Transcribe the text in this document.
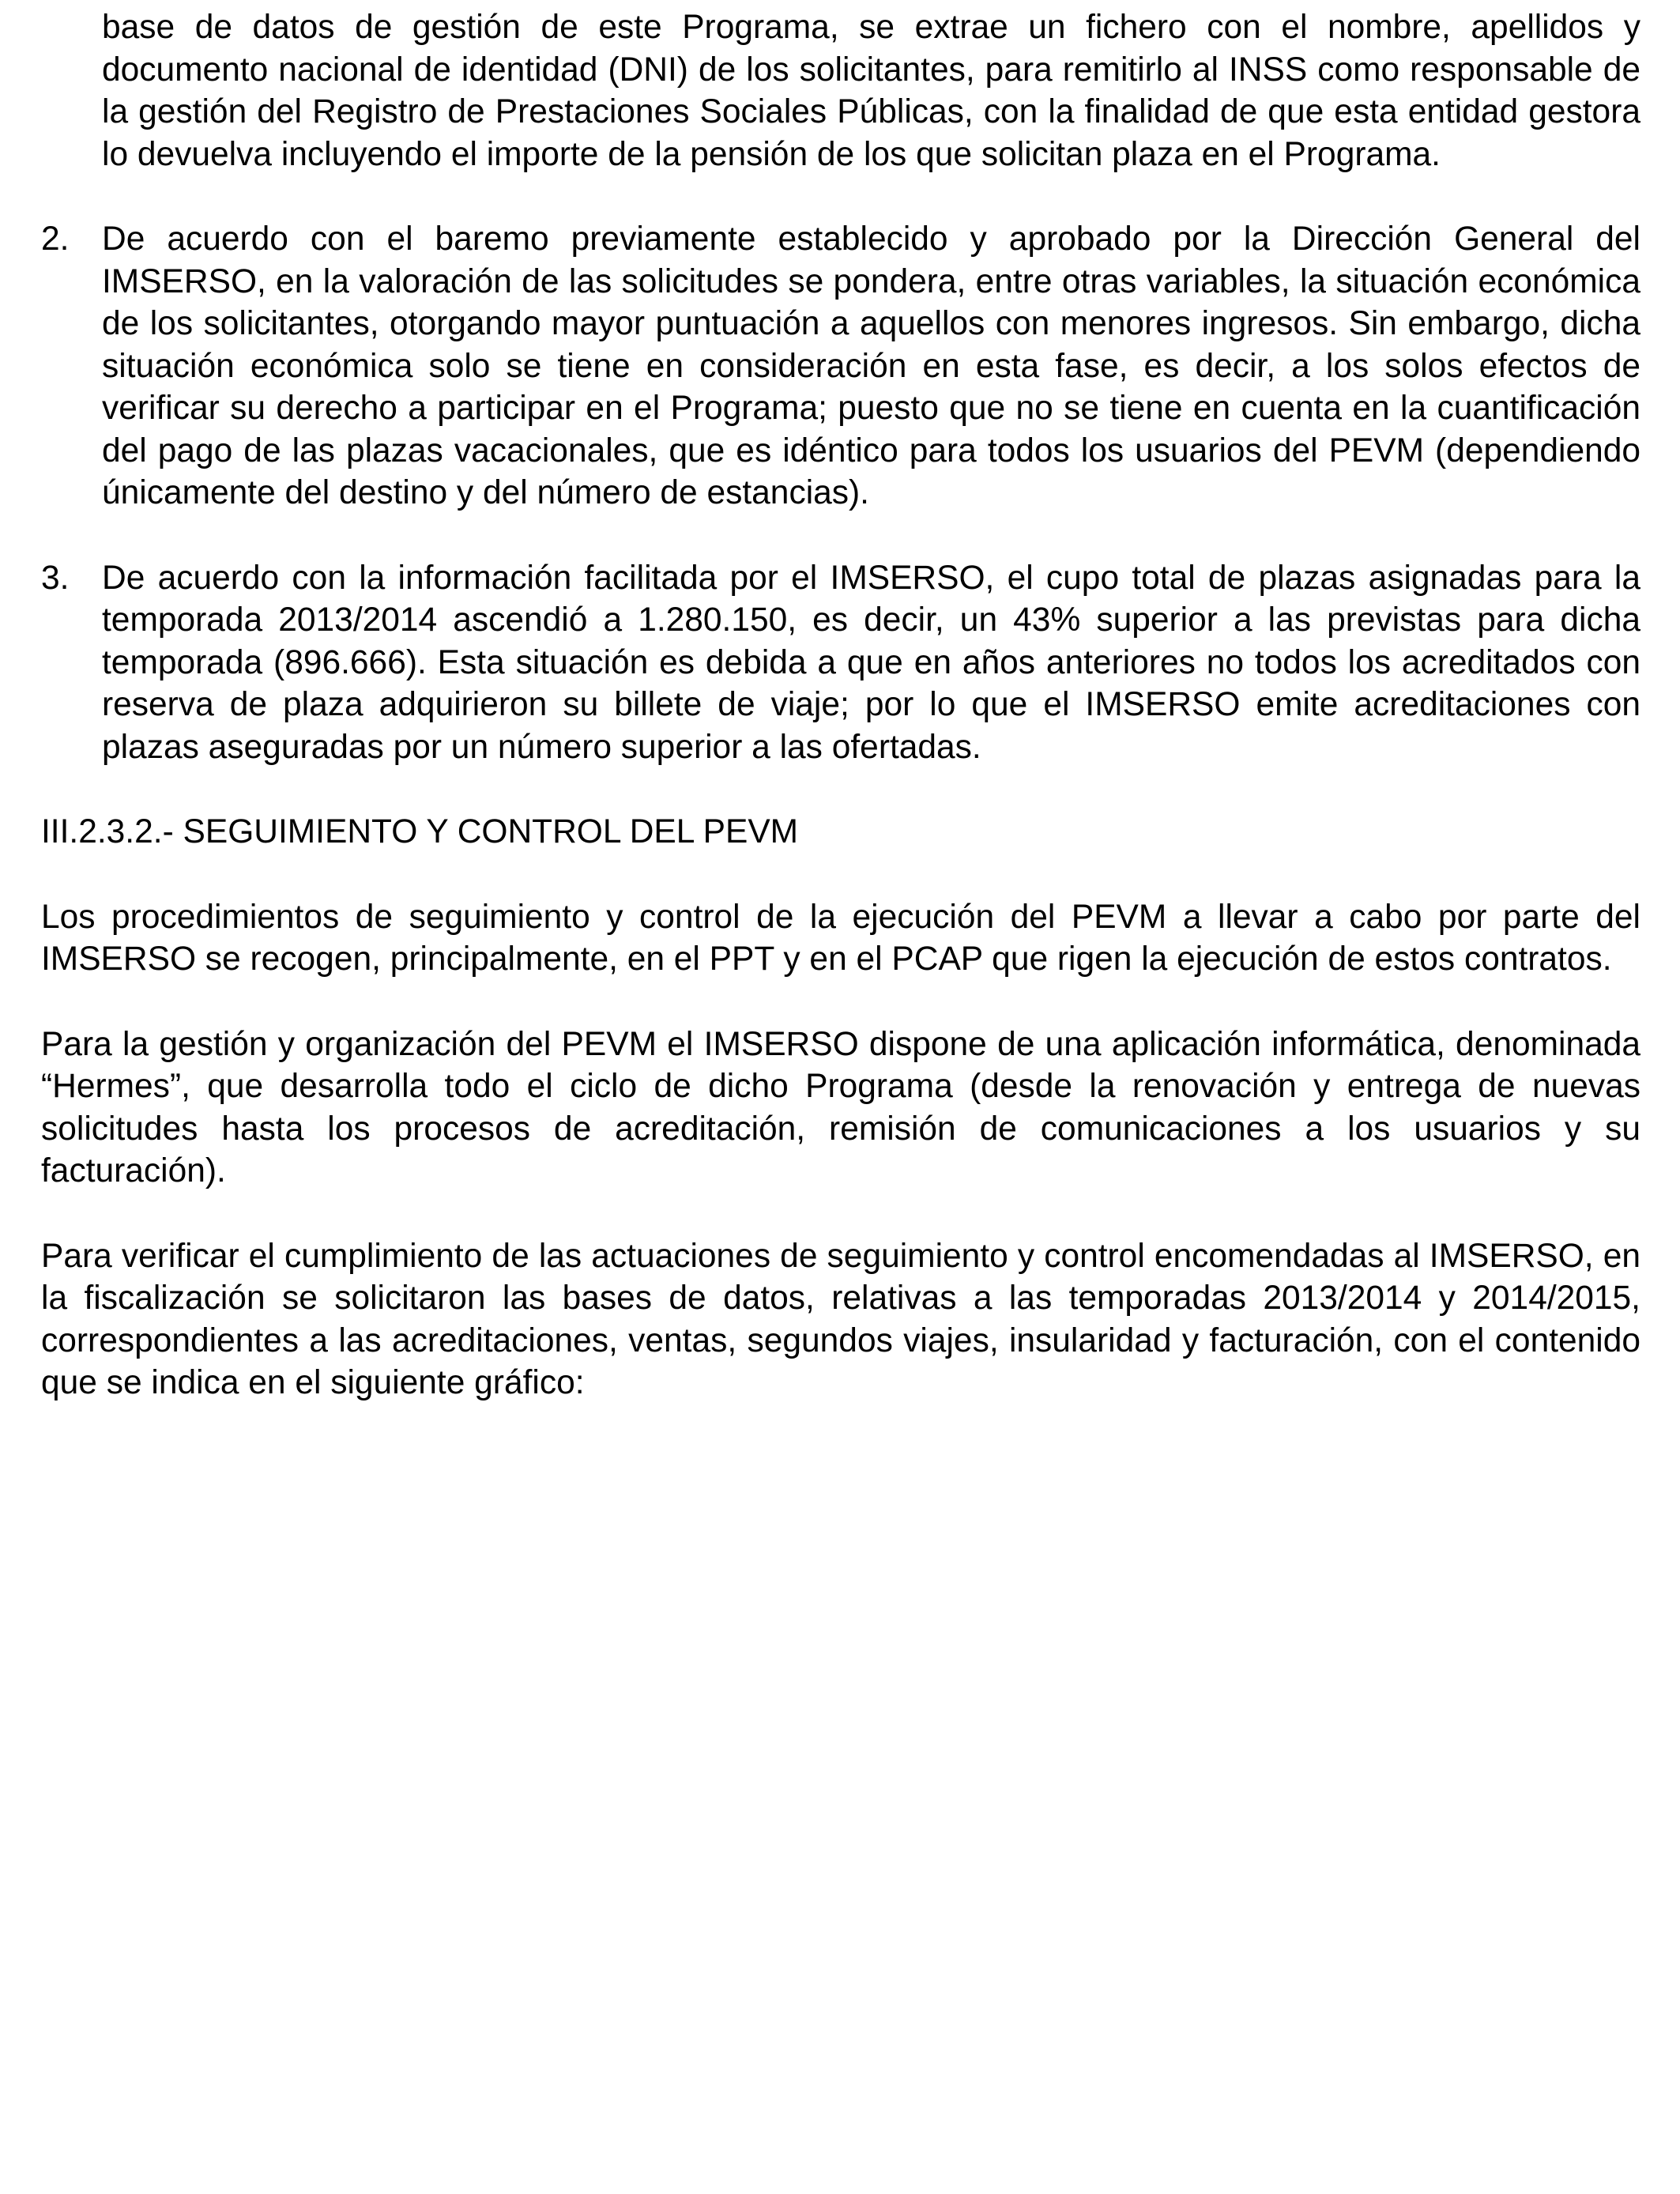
base de datos de gestión de este Programa, se extrae un fichero con el nombre, apellidos y documento nacional de identidad (DNI) de los solicitantes, para remitirlo al INSS como responsable de la gestión del Registro de Prestaciones Sociales Públicas, con la finalidad de que esta entidad gestora lo devuelva incluyendo el importe de la pensión de los que solicitan plaza en el Programa.

2. De acuerdo con el baremo previamente establecido y aprobado por la Dirección General del IMSERSO, en la valoración de las solicitudes se pondera, entre otras variables, la situación económica de los solicitantes, otorgando mayor puntuación a aquellos con menores ingresos. Sin embargo, dicha situación económica solo se tiene en consideración en esta fase, es decir, a los solos efectos de verificar su derecho a participar en el Programa; puesto que no se tiene en cuenta en la cuantificación del pago de las plazas vacacionales, que es idéntico para todos los usuarios del PEVM (dependiendo únicamente del destino y del número de estancias).
3. De acuerdo con la información facilitada por el IMSERSO, el cupo total de plazas asignadas para la temporada 2013/2014 ascendió a 1.280.150, es decir, un 43% superior a las previstas para dicha temporada (896.666). Esta situación es debida a que en años anteriores no todos los acreditados con reserva de plaza adquirieron su billete de viaje; por lo que el IMSERSO emite acreditaciones con plazas aseguradas por un número superior a las ofertadas.

III.2.3.2.- SEGUIMIENTO Y CONTROL DEL PEVM

Los procedimientos de seguimiento y control de la ejecución del PEVM a llevar a cabo por parte del IMSERSO se recogen, principalmente, en el PPT y en el PCAP que rigen la ejecución de estos contratos.

Para la gestión y organización del PEVM el IMSERSO dispone de una aplicación informática, denominada “Hermes”, que desarrolla todo el ciclo de dicho Programa (desde la renovación y entrega de nuevas solicitudes hasta los procesos de acreditación, remisión de comunicaciones a los usuarios y su facturación).

Para verificar el cumplimiento de las actuaciones de seguimiento y control encomendadas al IMSERSO, en la fiscalización se solicitaron las bases de datos, relativas a las temporadas 2013/2014 y 2014/2015, correspondientes a las acreditaciones, ventas, segundos viajes, insularidad y facturación, con el contenido que se indica en el siguiente gráfico:
